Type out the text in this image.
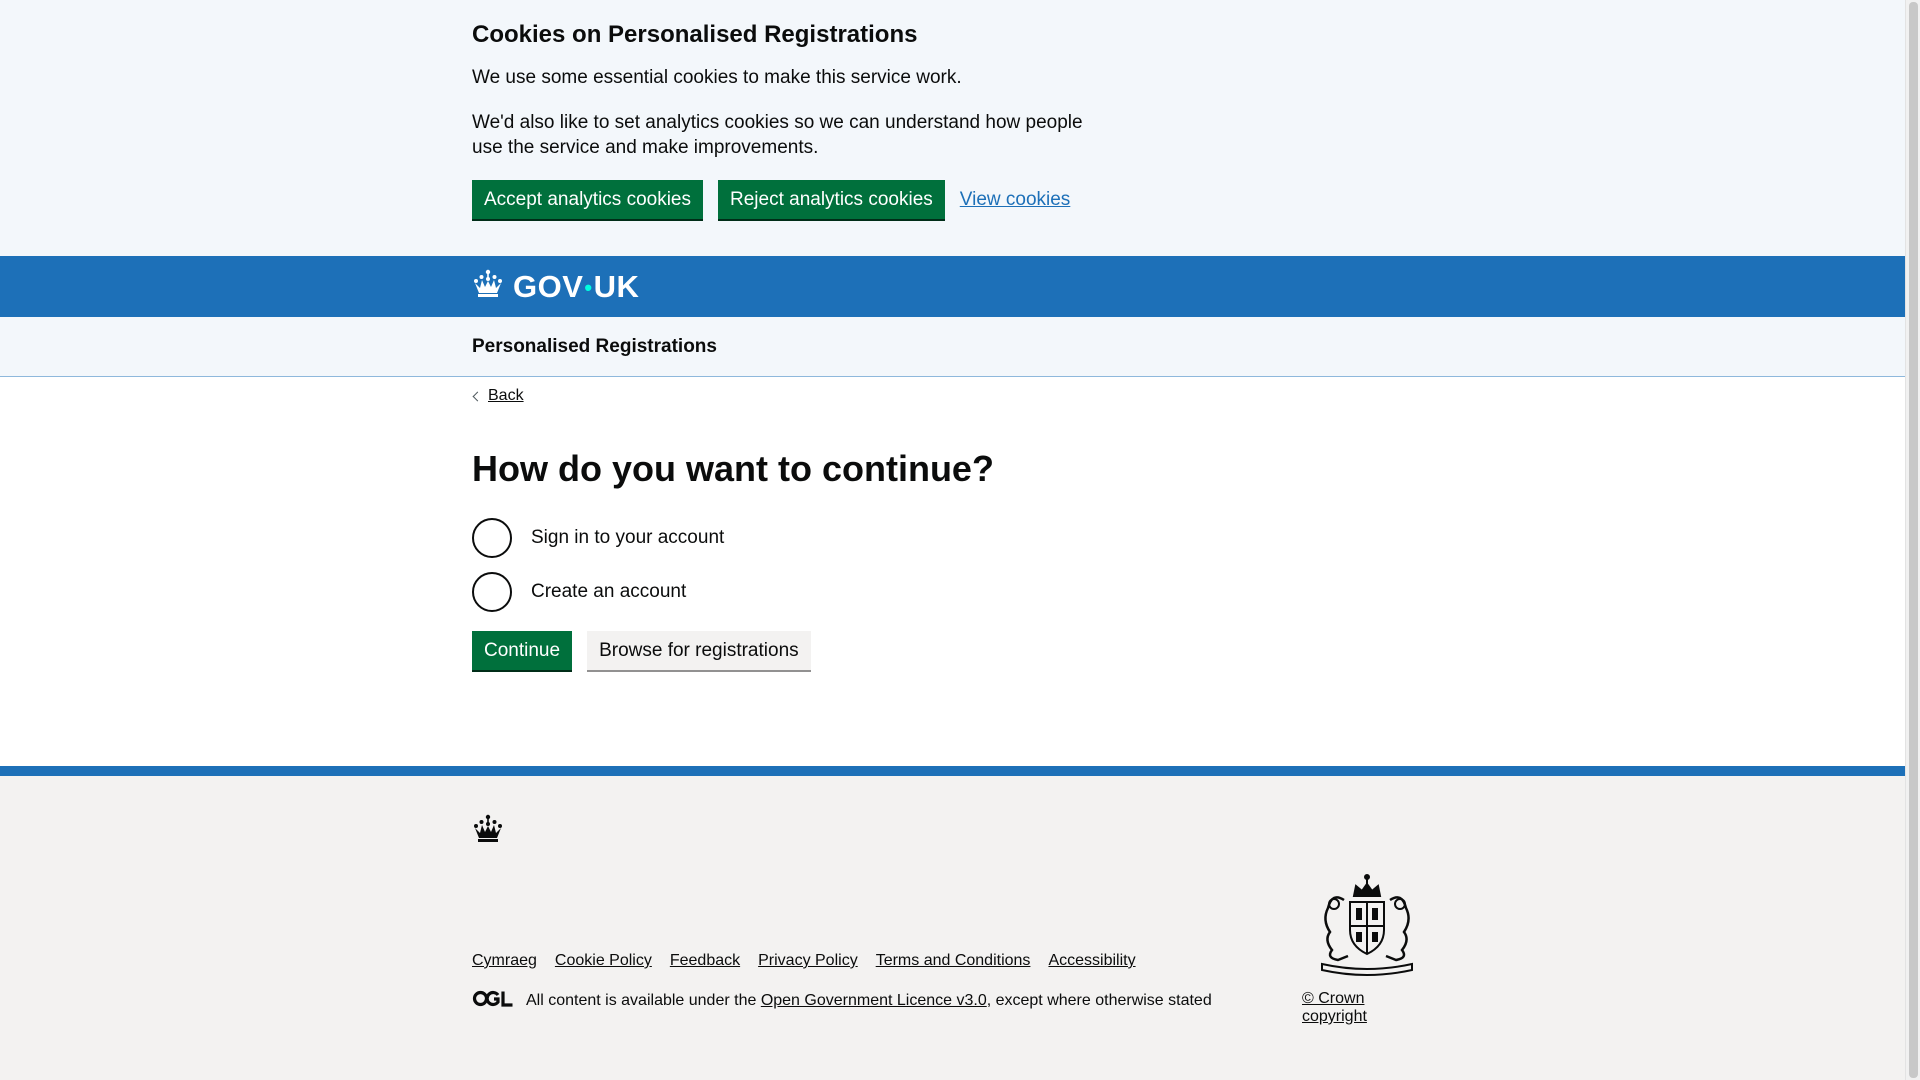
Cookies on Personalised Registrations

We use some essential cookies to make this service work.

We'd also like to set analytics cookies so we can understand how people use the service and make improvements.

Accept analytics cookies	Reject analytics cookies	View cookies
GOV•UK
Personalised Registrations
Back
How do you want to continue?
Sign in to your account
Create an account
Continue	Browse for registrations
Cymraeg Cookie Policy Feedback Privacy Policy Terms and Conditions Accessibility
All content is available under the Open Government Licence v3.0 , except where otherwise stated	© Crown copyright
